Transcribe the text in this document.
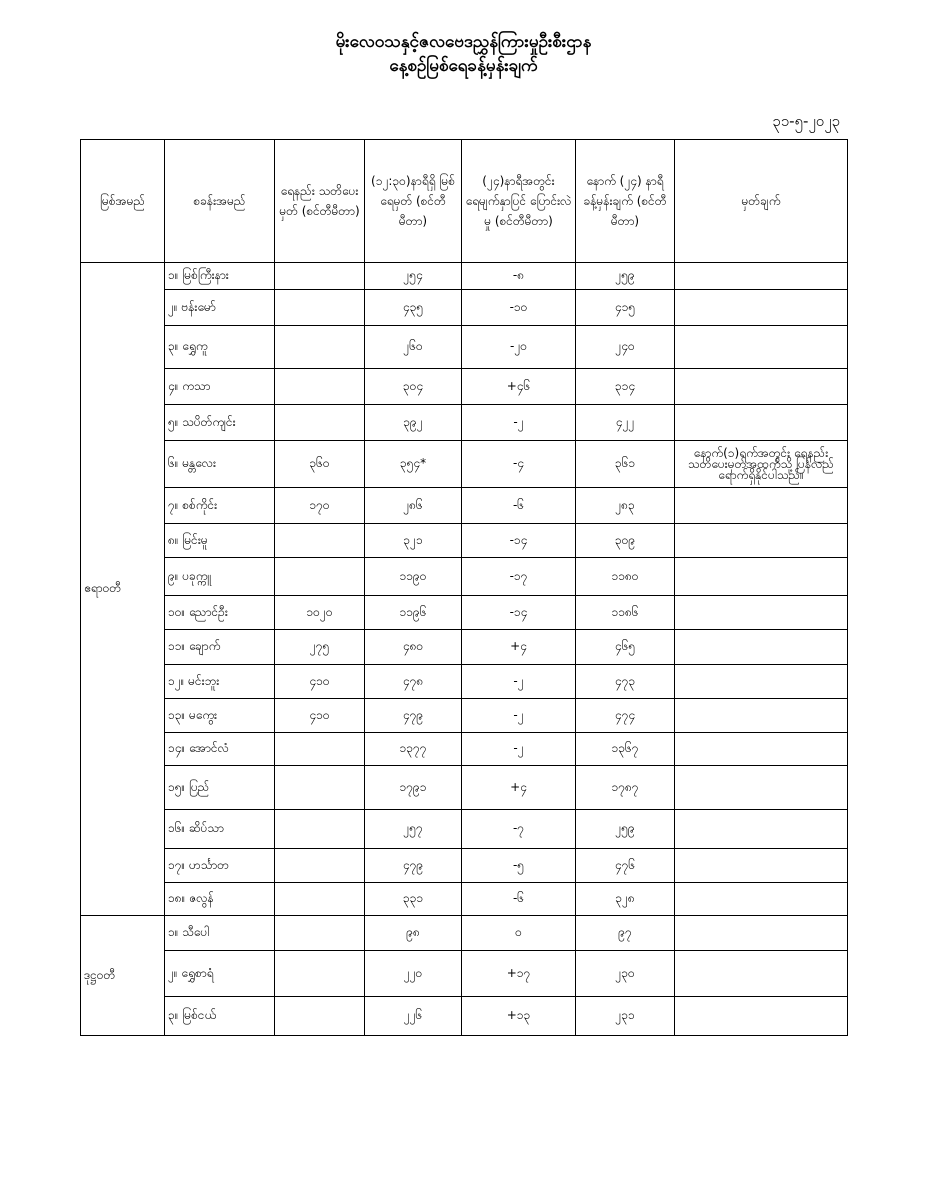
မိုးလေဝသနှင့်ဇလဗေဒညွှန်ကြားမှုဦးစီးဌာန
နေ့စဉ်မြစ်ရေခန့်မှန်းချက်
၃၁-၅-၂၀၂၃
မြစ်အမည်	စခန်းအမည်	ရေနည်း သတိပေးမှတ် (စင်တီမီတာ)	(၁၂:၃၀)နာရီရှိ မြစ်ရေမှတ် (စင်တီမီတာ)	(၂၄)နာရီအတွင်း ရေမျက်နှာပြင် ပြောင်းလဲမှု (စင်တီမီတာ)	နောက် (၂၄) နာရီ ခန့်မှန်းချက် (စင်တီမီတာ)	မှတ်ချက်
ဧရာဝတီ	၁။ မြစ်ကြီးနား		၂၅၄	-၈	၂၅၉	
	၂။ ဗန်းမော်		၄၃၅	-၁၀	၄၁၅	
	၃။ ရွှေကူ		၂၆၀	-၂၀	၂၄၀	
	၄။ ကသာ		၃၀၄	+၄၆	၃၁၄	
	၅။ သပိတ်ကျင်း		၃၉၂	-၂	၄၂၂	
	၆။ မန္တလေး	၃၆၀	၃၅၄*	-၄	၃၆၁	နောက်(၁)ရက်အတွင်း ရေနည်းသတိပေးမှတ်အထက်သို့ ပြန်လည်ရောက်ရှိနိုင်ပါသည်။
	၇။ စစ်ကိုင်း	၁၇၀	၂၈၆	-၆	၂၈၃	
	၈။ မြင်းမူ		၃၂၁	-၁၄	၃၀၉	
	၉။ ပခုက္ကူ		၁၁၉၀	-၁၇	၁၁၈၀	
	၁၀။ ညောင်ဦး	၁၀၂၀	၁၁၉၆	-၁၄	၁၁၈၆	
	၁၁။ ချောက်	၂၇၅	၄၈၀	+၄	၄၆၅	
	၁၂။ မင်းဘူး	၄၁၀	၄၇၈	-၂	၄၇၃	
	၁၃။ မကွေး	၄၁၀	၄၇၉	-၂	၄၇၄	
	၁၄။ အောင်လံ		၁၃၇၇	-၂	၁၃၆၇	
	၁၅။ ပြည်		၁၇၉၁	+၄	၁၇၈၇	
	၁၆။ ဆိပ်သာ		၂၅၇	-၇	၂၅၉	
	၁၇။ ဟင်္သာတ		၄၇၉	-၅	၄၇၆	
	၁၈။ ဇလွန်		၃၃၁	-၆	၃၂၈	
ဒုဋ္ဌဝတီ	၁။ သီပေါ		၉၈	၀	၉၇	
	၂။ ရွှေစာရံ		၂၂၀	+၁၇	၂၃၀	
	၃။ မြစ်ငယ်		၂၂၆	+၁၃	၂၃၁	
